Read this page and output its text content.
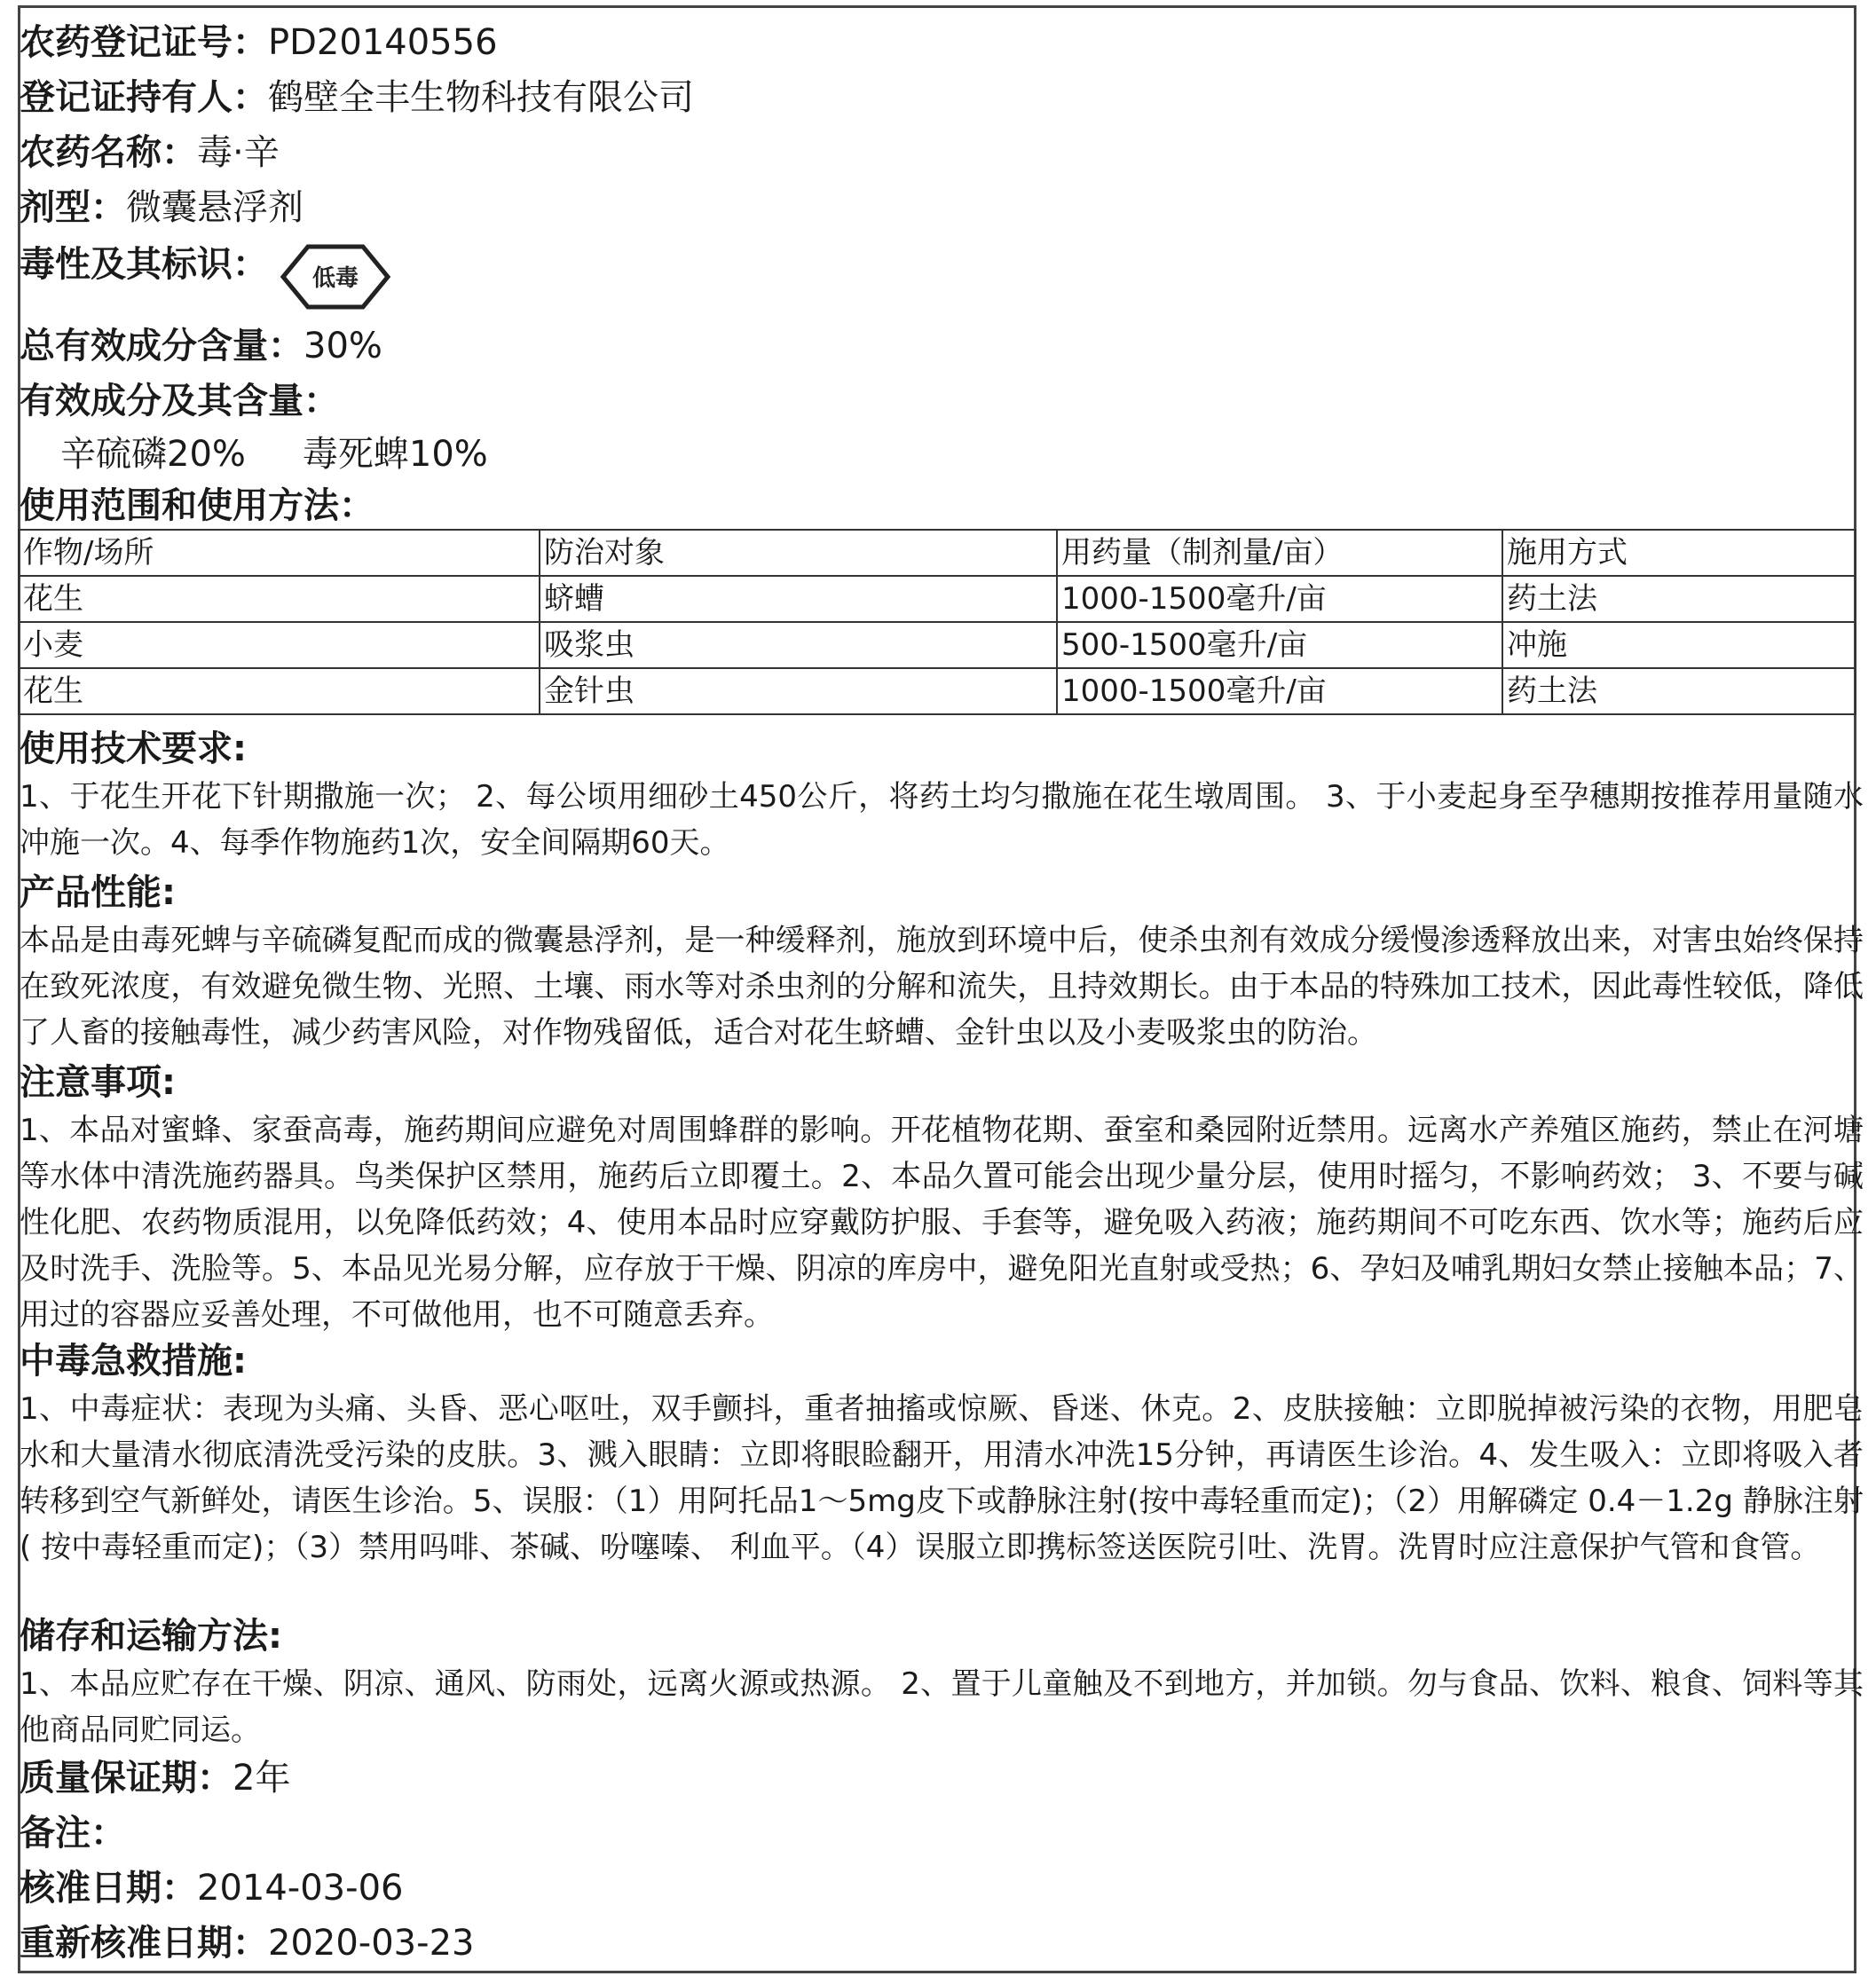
农药登记证号：PD20140556
登记证持有人：鹤壁全丰生物科技有限公司
农药名称：毒·辛
剂型：微囊悬浮剂
毒性及其标识： 低毒
总有效成分含量：30%
有效成分及其含量：
辛硫磷20% 毒死蜱10%
使用范围和使用方法：
作物/场所	防治对象	用药量（制剂量/亩）	施用方式
花生	蛴螬	1000-1500毫升/亩	药土法
小麦	吸浆虫	500-1500毫升/亩	冲施
花生	金针虫	1000-1500毫升/亩	药土法
使用技术要求:
1、于花生开花下针期撒施一次； 2、每公顷用细砂土450公斤，将药土均匀撒施在花生墩周围。 3、于小麦起身至孕穗期按推荐用量随水冲施一次。4、每季作物施药1次，安全间隔期60天。
产品性能:
本品是由毒死蜱与辛硫磷复配而成的微囊悬浮剂，是一种缓释剂，施放到环境中后，使杀虫剂有效成分缓慢渗透释放出来，对害虫始终保持在致死浓度，有效避免微生物、光照、土壤、雨水等对杀虫剂的分解和流失，且持效期长。由于本品的特殊加工技术，因此毒性较低，降低了人畜的接触毒性，减少药害风险，对作物残留低，适合对花生蛴螬、金针虫以及小麦吸浆虫的防治。
注意事项:
1、本品对蜜蜂、家蚕高毒，施药期间应避免对周围蜂群的影响。开花植物花期、蚕室和桑园附近禁用。远离水产养殖区施药，禁止在河塘等水体中清洗施药器具。鸟类保护区禁用，施药后立即覆土。2、本品久置可能会出现少量分层，使用时摇匀，不影响药效； 3、不要与碱性化肥、农药物质混用，以免降低药效；4、使用本品时应穿戴防护服、手套等，避免吸入药液；施药期间不可吃东西、饮水等；施药后应及时洗手、洗脸等。5、本品见光易分解，应存放于干燥、阴凉的库房中，避免阳光直射或受热；6、孕妇及哺乳期妇女禁止接触本品；7、用过的容器应妥善处理，不可做他用，也不可随意丢弃。
中毒急救措施:
1、中毒症状：表现为头痛、头昏、恶心呕吐，双手颤抖，重者抽搐或惊厥、昏迷、休克。2、皮肤接触：立即脱掉被污染的衣物，用肥皂水和大量清水彻底清洗受污染的皮肤。3、溅入眼睛：立即将眼睑翻开，用清水冲洗15分钟，再请医生诊治。4、发生吸入：立即将吸入者转移到空气新鲜处，请医生诊治。5、误服：（1）用阿托品1～5mg皮下或静脉注射(按中毒轻重而定)；（2）用解磷定 0.4－1.2g 静脉注射( 按中毒轻重而定)；（3）禁用吗啡、茶碱、吩噻嗪、 利血平。（4）误服立即携标签送医院引吐、洗胃。洗胃时应注意保护气管和食管。
储存和运输方法:
1、本品应贮存在干燥、阴凉、通风、防雨处，远离火源或热源。 2、置于儿童触及不到地方，并加锁。勿与食品、饮料、粮食、饲料等其他商品同贮同运。
质量保证期：2年
备注：
核准日期：2014-03-06
重新核准日期：2020-03-23
